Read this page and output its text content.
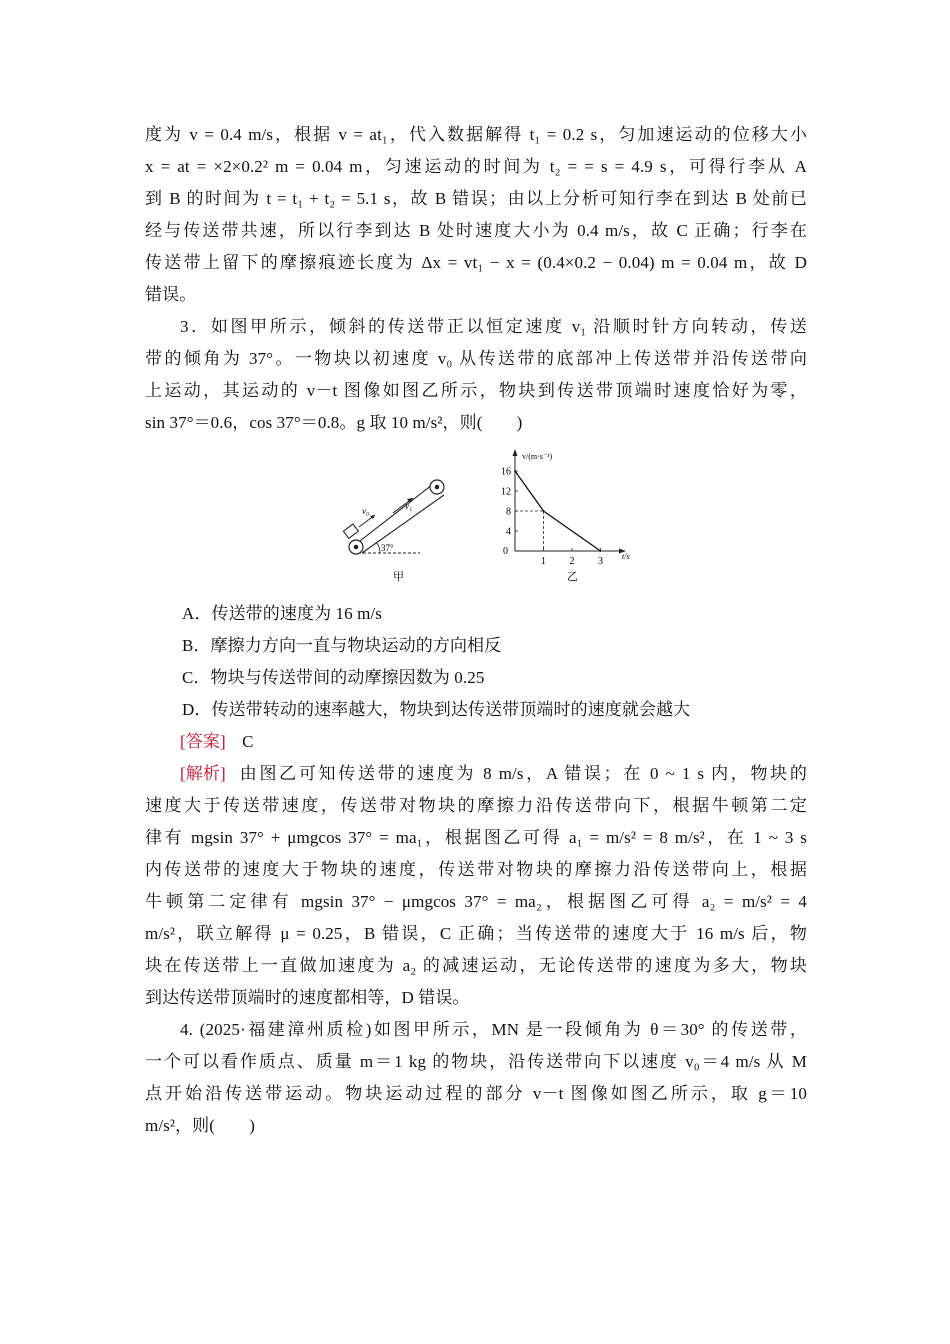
度为 v = 0.4 m/s，根据 v = at₁，代入数据解得 t₁ = 0.2 s，匀加速运动的位移大小
x = at = ×2×0.2² m = 0.04 m，匀速运动的时间为 t₂ = = s = 4.9 s，可得行李从 A
到 B 的时间为 t = t₁ + t₂ = 5.1 s，故 B 错误；由以上分析可知行李在到达 B 处前已
经与传送带共速，所以行李到达 B 处时速度大小为 0.4 m/s，故 C 正确；行李在
传送带上留下的摩擦痕迹长度为 Δx = vt₁ − x = (0.4×0.2 − 0.04) m = 0.04 m，故 D
错误。
3．如图甲所示，倾斜的传送带正以恒定速度 v₁ 沿顺时针方向转动，传送
带的倾角为 37°。一物块以初速度 v₀ 从传送带的底部冲上传送带并沿传送带向
上运动，其运动的 v－t 图像如图乙所示，物块到传送带顶端时速度恰好为零，
sin 37°＝0.6，cos 37°＝0.8。g 取 10 m/s²，则(　　)
v₀	v₁
37°
甲
v/(m·s⁻¹)
t/s
0
4
8
12
16
1 2 3
乙
A．传送带的速度为 16 m/s
B．摩擦力方向一直与物块运动的方向相反
C．物块与传送带间的动摩擦因数为 0.25
D．传送带转动的速率越大，物块到达传送带顶端时的速度就会越大
[答案] C
[解析] 由图乙可知传送带的速度为 8 m/s，A 错误；在 0 ~ 1 s 内，物块的
速度大于传送带速度，传送带对物块的摩擦力沿传送带向下，根据牛顿第二定
律有 mgsin 37° + μmgcos 37° = ma₁，根据图乙可得 a₁ = m/s² = 8 m/s²，在 1 ~ 3 s
内传送带的速度大于物块的速度，传送带对物块的摩擦力沿传送带向上，根据
牛顿第二定律有 mgsin 37° − μmgcos 37° = ma₂，根据图乙可得 a₂ = m/s² = 4
m/s²，联立解得 μ = 0.25，B 错误，C 正确；当传送带的速度大于 16 m/s 后，物
块在传送带上一直做加速度为 a₂ 的减速运动，无论传送带的速度为多大，物块
到达传送带顶端时的速度都相等，D 错误。
4. (2025·福建漳州质检)如图甲所示，MN 是一段倾角为 θ＝30° 的传送带，
一个可以看作质点、质量 m＝1 kg 的物块，沿传送带向下以速度 v₀＝4 m/s 从 M
点开始沿传送带运动。物块运动过程的部分 v－t 图像如图乙所示，取 g＝10
m/s²，则(　　)
